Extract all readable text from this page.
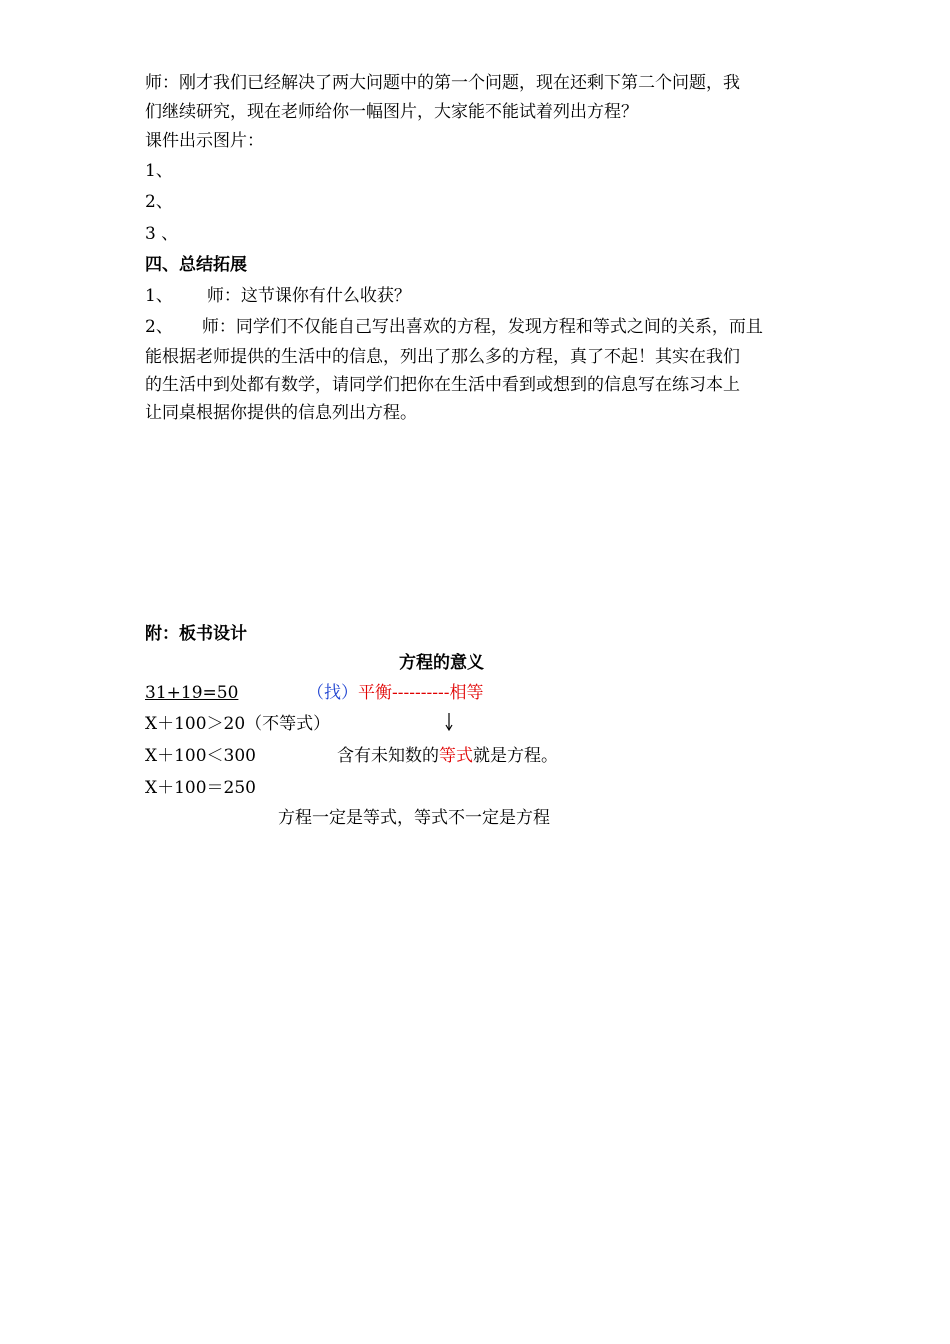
师：刚才我们已经解决了两大问题中的第一个问题，现在还剩下第二个问题，我
们继续研究，现在老师给你一幅图片，大家能不能试着列出方程？
课件出示图片：
1、
2、
3 、
四、总结拓展
1、 师：这节课你有什么收获？
2、 师：同学们不仅能自己写出喜欢的方程，发现方程和等式之间的关系，而且
能根据老师提供的生活中的信息，列出了那么多的方程，真了不起！其实在我们
的生活中到处都有数学，请同学们把你在生活中看到或想到的信息写在练习本上
让同桌根据你提供的信息列出方程。
附：板书设计
方程的意义
31+19=50	（找）平衡----------相等
X＋100＞20（不等式）
X＋100＜300	含有未知数的等式就是方程。
X＋100＝250
方程一定是等式，等式不一定是方程
